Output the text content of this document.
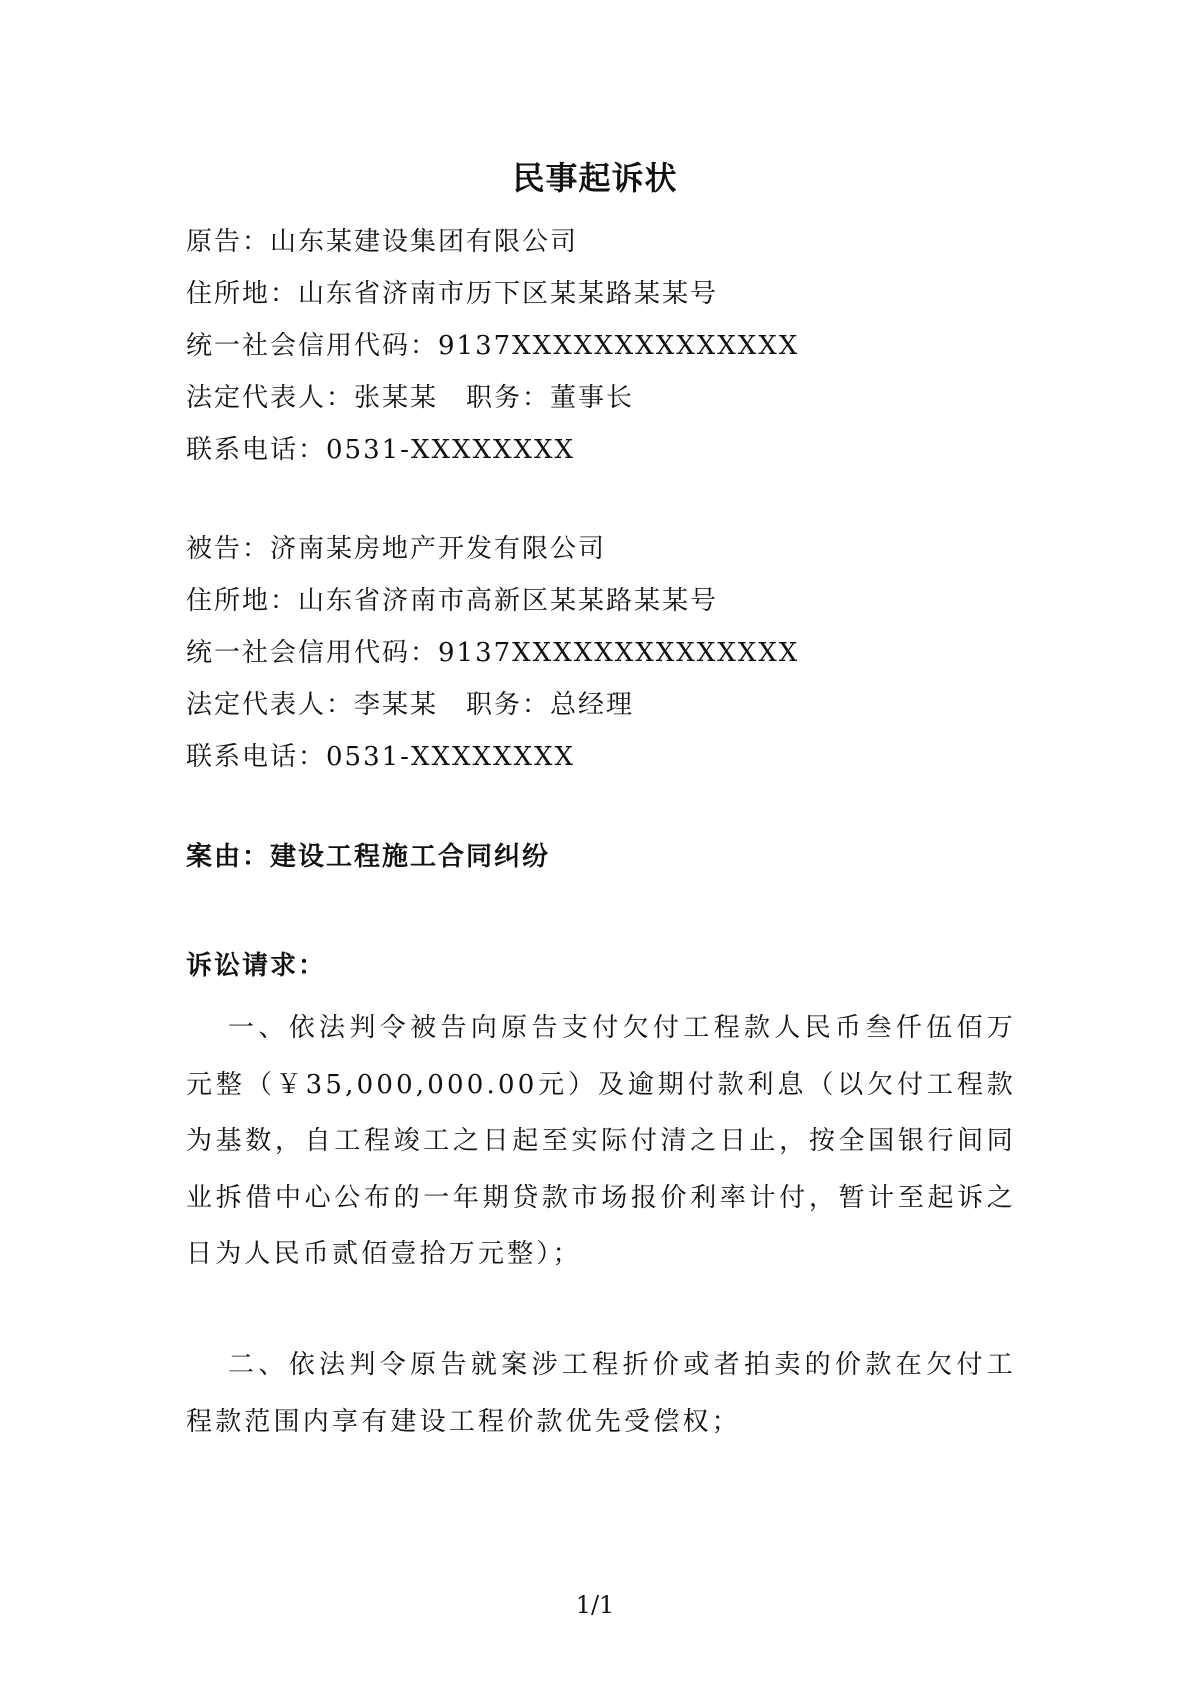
民事起诉状
原告：山东某建设集团有限公司
住所地：山东省济南市历下区某某路某某号
统一社会信用代码：9137XXXXXXXXXXXXXX
法定代表人：张某某　职务：董事长
联系电话：0531-XXXXXXXX
被告：济南某房地产开发有限公司
住所地：山东省济南市高新区某某路某某号
统一社会信用代码：9137XXXXXXXXXXXXXX
法定代表人：李某某　职务：总经理
联系电话：0531-XXXXXXXX
案由：建设工程施工合同纠纷
诉讼请求：
一、依法判令被告向原告支付欠付工程款人民币叁仟伍佰万元整（￥35,000,000.00元）及逾期付款利息（以欠付工程款为基数，自工程竣工之日起至实际付清之日止，按全国银行间同业拆借中心公布的一年期贷款市场报价利率计付，暂计至起诉之日为人民币贰佰壹拾万元整）；
二、依法判令原告就案涉工程折价或者拍卖的价款在欠付工程款范围内享有建设工程价款优先受偿权；
1/1
